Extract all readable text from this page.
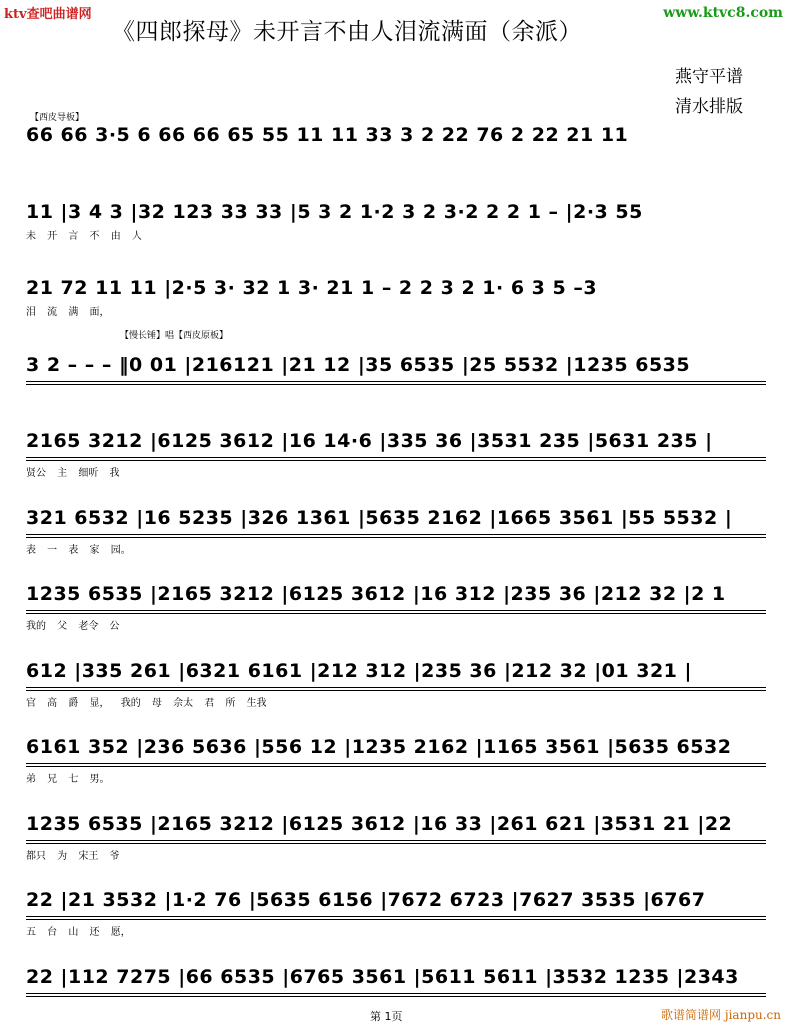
ktv查吧曲谱网	www.ktvc8.com
《四郎探母》未开言不由人泪流满面（余派）
燕守平谱
清水排版
【西皮导板】
【慢长锤】唱【西皮原板】
66 66 3·5 6 66 66 65 55 11 11 33 3 2 22 76 2 22 21 11
11 |3 4 3 |32 123 33 33 |5 3 2 1·2 3 2 3·2 2 2 1 – |2·3 55
未 开 言 不 由 人
21 72 11 11 |2·5 3· 32 1 3· 21 1 – 2 2 3 2 1· 6 3 5 –3
泪 流 满 面，
3 2 – – – ‖0 01 |216121 |21 12 |35 6535 |25 5532 |1235 6535
2165 3212 |6125 3612 |16 14·6 |335 36 |3531 235 |5631 235 |
贤公 主 细听 我
321 6532 |16 5235 |326 1361 |5635 2162 |1665 3561 |55 5532 |
表 一 表 家 园。
1235 6535 |2165 3212 |6125 3612 |16 312 |235 36 |212 32 |2 1
我的 父 老令 公
612 |335 261 |6321 6161 |212 312 |235 36 |212 32 |01 321 |
官 高 爵 显， 我的 母 佘太 君 所 生我
6161 352 |236 5636 |556 12 |1235 2162 |1165 3561 |5635 6532
弟 兄 七 男。
1235 6535 |2165 3212 |6125 3612 |16 33 |261 621 |3531 21 |22
都只 为 宋王 爷
22 |21 3532 |1·2 76 |5635 6156 |7672 6723 |7627 3535 |6767
五 台 山 还 愿，
22 |112 7275 |66 6535 |6765 3561 |5611 5611 |3532 1235 |2343
第 1页	歌谱简谱网 jianpu.cn
